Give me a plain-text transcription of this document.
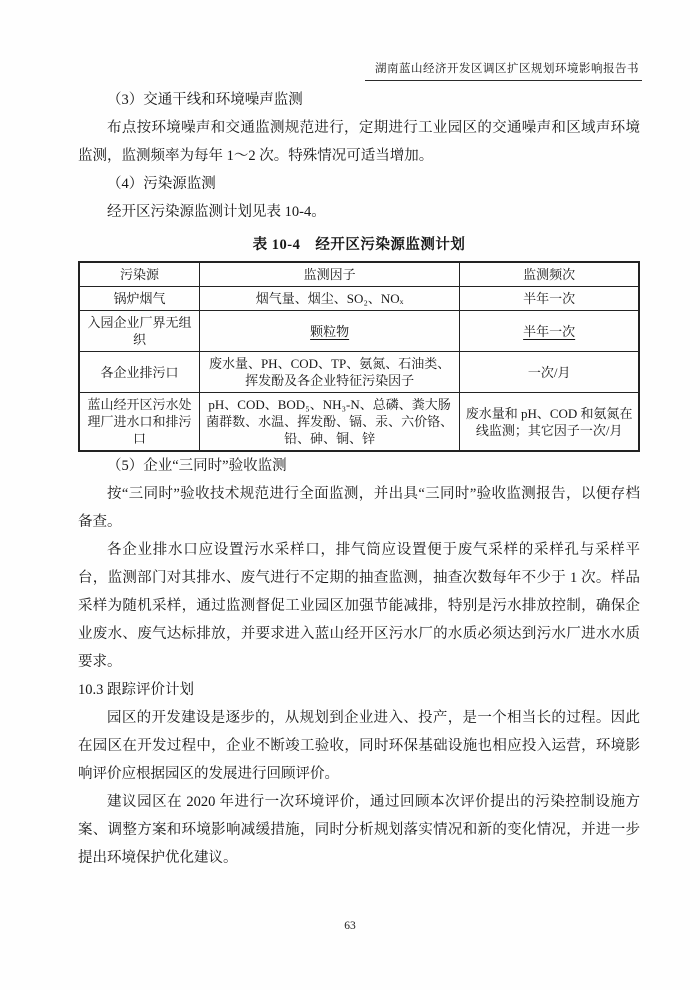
湖南蓝山经济开发区调区扩区规划环境影响报告书

（3）交通干线和环境噪声监测

布点按环境噪声和交通监测规范进行，定期进行工业园区的交通噪声和区域声环境监测，监测频率为每年 1～2 次。特殊情况可适当增加。

（4）污染源监测

经开区污染源监测计划见表 10-4。

表 10-4　经开区污染源监测计划

污染源	监测因子	监测频次
锅炉烟气	烟气量、烟尘、SO₂、NOₓ	半年一次
入园企业厂界无组织	颗粒物	半年一次
各企业排污口	废水量、PH、COD、TP、氨氮、石油类、挥发酚及各企业特征污染因子	一次/月
蓝山经开区污水处理厂进水口和排污口	pH、COD、BOD₅、NH₃-N、总磷、粪大肠菌群数、水温、挥发酚、镉、汞、六价铬、铅、砷、铜、锌	废水量和 pH、COD 和氨氮在线监测；其它因子一次/月

（5）企业“三同时”验收监测

按“三同时”验收技术规范进行全面监测，并出具“三同时”验收监测报告，以便存档备查。

各企业排水口应设置污水采样口，排气筒应设置便于废气采样的采样孔与采样平台，监测部门对其排水、废气进行不定期的抽查监测，抽查次数每年不少于 1 次。样品采样为随机采样，通过监测督促工业园区加强节能减排，特别是污水排放控制，确保企业废水、废气达标排放，并要求进入蓝山经开区污水厂的水质必须达到污水厂进水水质要求。

10.3 跟踪评价计划

园区的开发建设是逐步的，从规划到企业进入、投产，是一个相当长的过程。因此在园区在开发过程中，企业不断竣工验收，同时环保基础设施也相应投入运营，环境影响评价应根据园区的发展进行回顾评价。

建议园区在 2020 年进行一次环境评价，通过回顾本次评价提出的污染控制设施方案、调整方案和环境影响减缓措施，同时分析规划落实情况和新的变化情况，并进一步提出环境保护优化建议。

63
